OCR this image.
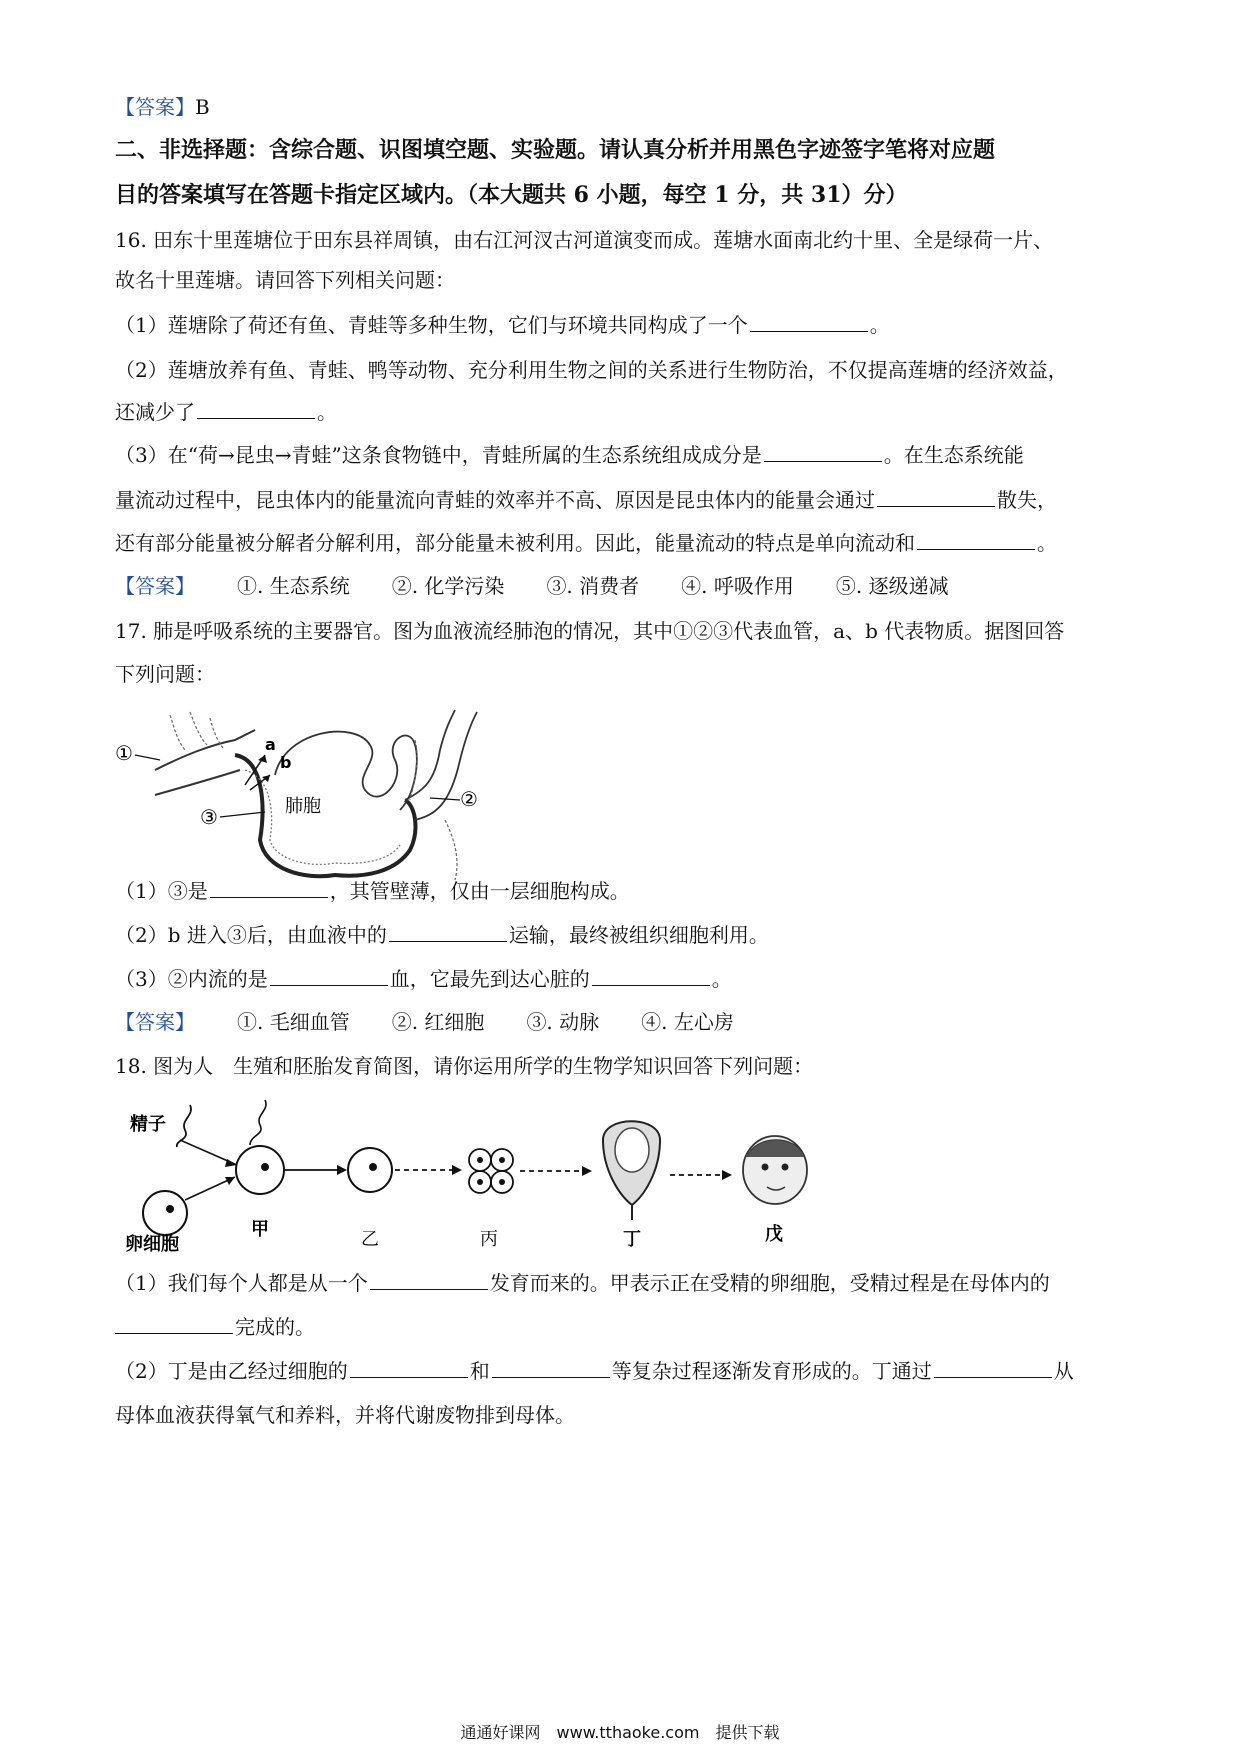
【答案】B
二、非选择题：含综合题、识图填空题、实验题。请认真分析并用黑色字迹签字笔将对应题
目的答案填写在答题卡指定区域内。（本大题共 6 小题，每空 1 分，共 31）分）
16. 田东十里莲塘位于田东县祥周镇，由右江河汊古河道演变而成。莲塘水面南北约十里、全是绿荷一片、
故名十里莲塘。请回答下列相关问题：
（1）莲塘除了荷还有鱼、青蛙等多种生物，它们与环境共同构成了一个	。
（2）莲塘放养有鱼、青蛙、鸭等动物、充分利用生物之间的关系进行生物防治，不仅提高莲塘的经济效益，
还减少了	。
（3）在“荷→昆虫→青蛙”这条食物链中，青蛙所属的生态系统组成成分是	。在生态系统能
量流动过程中，昆虫体内的能量流向青蛙的效率并不高、原因是昆虫体内的能量会通过	散失，
还有部分能量被分解者分解利用，部分能量未被利用。因此，能量流动的特点是单向流动和	。
【答案】 ①. 生态系统 ②. 化学污染 ③. 消费者 ④. 呼吸作用 ⑤. 逐级递减
17. 肺是呼吸系统的主要器官。图为血液流经肺泡的情况，其中①②③代表血管，a、b 代表物质。据图回答
下列问题：
①
③
②
a
b
肺胞
（1）③是	，其管壁薄，仅由一层细胞构成。
（2）b 进入③后，由血液中的	运输，最终被组织细胞利用。
（3）②内流的是	血，它最先到达心脏的	。
【答案】 ①. 毛细血管 ②. 红细胞 ③. 动脉 ④. 左心房
18. 图为人　生殖和胚胎发育简图，请你运用所学的生物学知识回答下列问题：
精子
卵细胞
甲	乙	丙	丁	戊
（1）我们每个人都是从一个	发育而来的。甲表示正在受精的卵细胞，受精过程是在母体内的
完成的。
（2）丁是由乙经过细胞的	和	等复杂过程逐渐发育形成的。丁通过	从
母体血液获得氧气和养料，并将代谢废物排到母体。
通通好课网　www.tthaoke.com　提供下载
